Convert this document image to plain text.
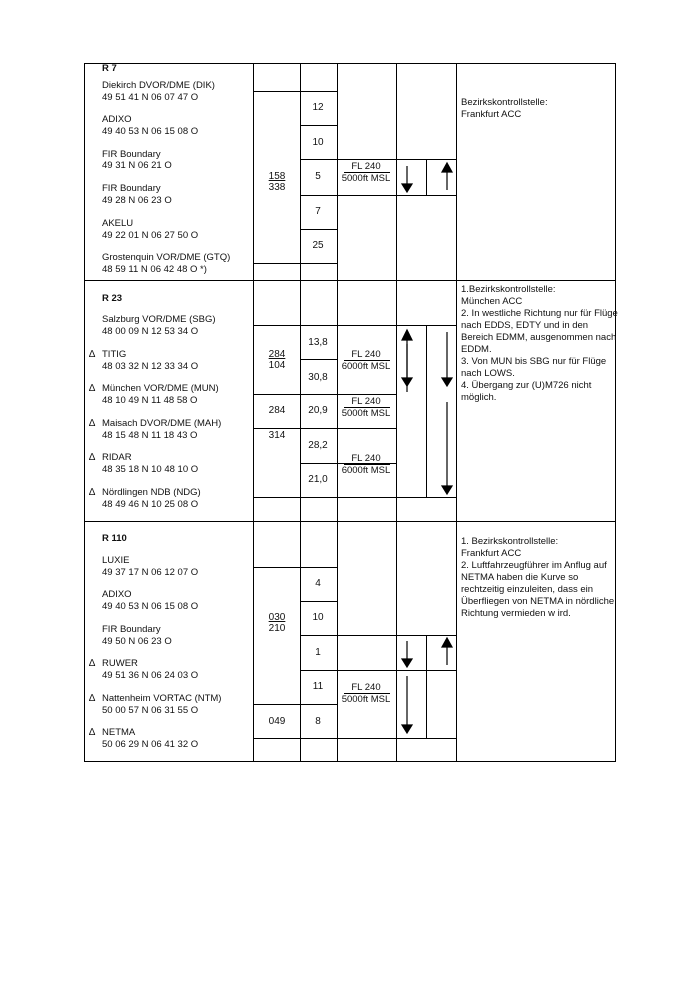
R 7
Diekirch DVOR/DME (DIK)
49 51 41 N 06 07 47 O
ADIXO
49 40 53 N 06 15 08 O
FIR Boundary
49 31 N 06 21 O
FIR Boundary
49 28 N 06 23 O
AKELU
49 22 01 N 06 27 50 O
Grostenquin VOR/DME (GTQ)
48 59 11 N 06 42 48 O *)
158
338
12
10
5
7
25
FL 240
5000ft MSL
Bezirkskontrollstelle:
Frankfurt ACC
R 23
Salzburg VOR/DME (SBG)
48 00 09 N 12 53 34 O
∆ TITIG
48 03 32 N 12 33 34 O
∆ München VOR/DME (MUN)
48 10 49 N 11 48 58 O
∆ Maisach DVOR/DME (MAH)
48 15 48 N 11 18 43 O
∆ RIDAR
48 35 18 N 10 48 10 O
∆ Nördlingen NDB (NDG)
48 49 46 N 10 25 08 O
284
104
284
314
13,8
30,8
20,9
28,2
21,0
FL 240
6000ft MSL
FL 240
5000ft MSL
FL 240
6000ft MSL
1.Bezirkskontrollstelle:
München ACC
2. In westliche Richtung nur für Flüge nach EDDS, EDTY und in den Bereich EDMM, ausgenommen nach EDDM.
3. Von MUN bis SBG nur für Flüge nach LOWS.
4. Übergang zur (U)M726 nicht möglich.
R 110
LUXIE
49 37 17 N 06 12 07 O
ADIXO
49 40 53 N 06 15 08 O
FIR Boundary
49 50 N 06 23 O
∆ RUWER
49 51 36 N 06 24 03 O
∆ Nattenheim VORTAC (NTM)
50 00 57 N 06 31 55 O
∆ NETMA
50 06 29 N 06 41 32 O
030
210
049
4
10
1
11
8
FL 240
5000ft MSL
1. Bezirkskontrollstelle:
Frankfurt ACC
2. Luftfahrzeugführer im Anflug auf NETMA haben die Kurve so rechtzeitig einzuleiten, dass ein Überfliegen von NETMA in nördliche Richtung vermieden w ird.
